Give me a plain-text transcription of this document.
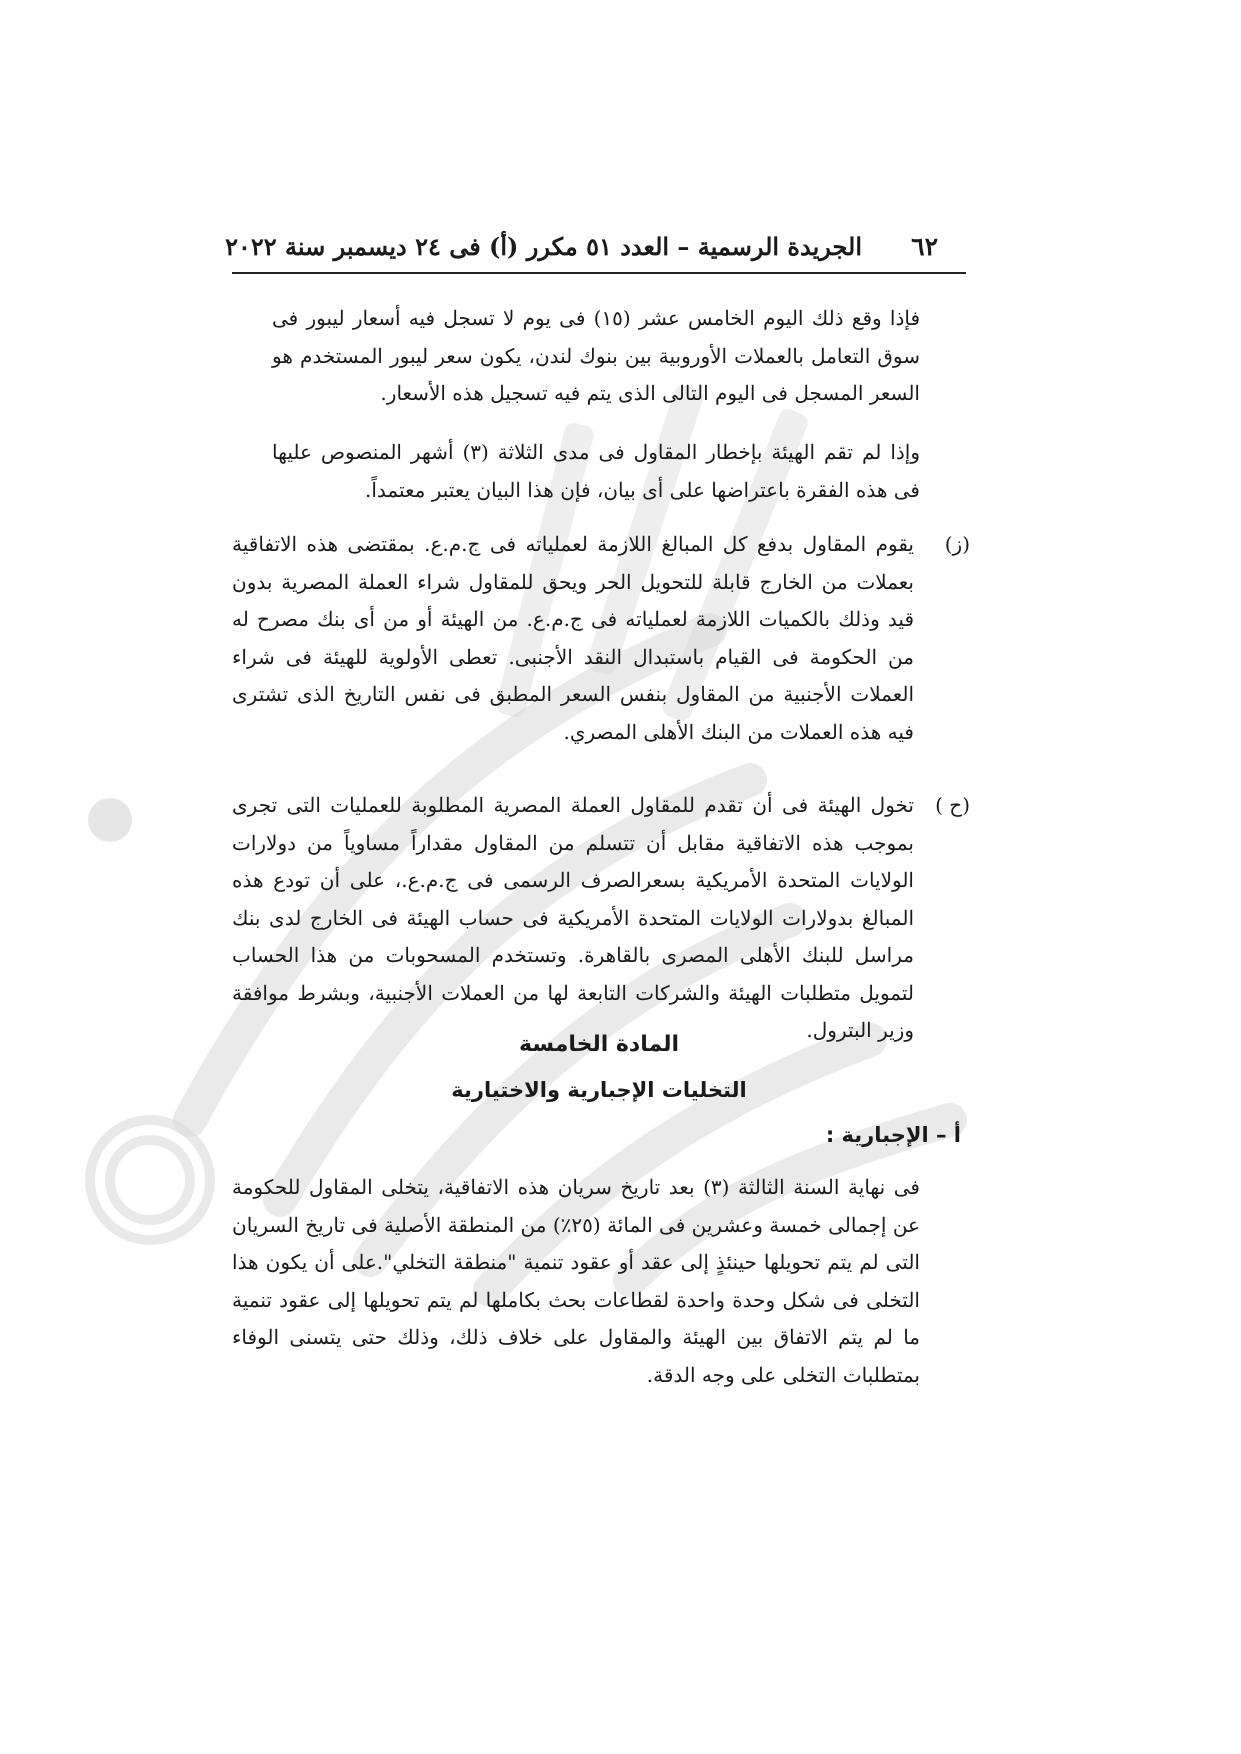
٦٢
الجريدة الرسمية – العدد ٥١ مكرر (أ) فى ٢٤ ديسمبر سنة ٢٠٢٢

فإذا وقع ذلك اليوم الخامس عشر (١٥) فى يوم لا تسجل فيه أسعار ليبور فى سوق التعامل بالعملات الأوروبية بين بنوك لندن، يكون سعر ليبور المستخدم هو السعر المسجل فى اليوم التالى الذى يتم فيه تسجيل هذه الأسعار.

وإذا لم تقم الهيئة بإخطار المقاول فى مدى الثلاثة (٣) أشهر المنصوص عليها فى هذه الفقرة باعتراضها على أى بيان، فإن هذا البيان يعتبر معتمداً.

(ز)

يقوم المقاول بدفع كل المبالغ اللازمة لعملياته فى ج.م.ع. بمقتضى هذه الاتفاقية بعملات من الخارج قابلة للتحويل الحر ويحق للمقاول شراء العملة المصرية بدون قيد وذلك بالكميات اللازمة لعملياته فى ج.م.ع. من الهيئة أو من أى بنك مصرح له من الحكومة فى القيام باستبدال النقد الأجنبى. تعطى الأولوية للهيئة فى شراء العملات الأجنبية من المقاول بنفس السعر المطبق فى نفس التاريخ الذى تشترى فيه هذه العملات من البنك الأهلى المصري.

(ح )

تخول الهيئة فى أن تقدم للمقاول العملة المصرية المطلوبة للعمليات التى تجرى بموجب هذه الاتفاقية مقابل أن تتسلم من المقاول مقداراً مساوياً من دولارات الولايات المتحدة الأمريكية بسعرالصرف الرسمى فى ج.م.ع.، على أن تودع هذه المبالغ بدولارات الولايات المتحدة الأمريكية فى حساب الهيئة فى الخارج لدى بنك مراسل للبنك الأهلى المصرى بالقاهرة. وتستخدم المسحوبات من هذا الحساب لتمويل متطلبات الهيئة والشركات التابعة لها من العملات الأجنبية، وبشرط موافقة وزير البترول.

المادة الخامسة
التخليات الإجبارية والاختيارية
أ – الإجبارية :

فى نهاية السنة الثالثة (٣) بعد تاريخ سريان هذه الاتفاقية، يتخلى المقاول للحكومة عن إجمالى خمسة وعشرين فى المائة (٢٥٪) من المنطقة الأصلية فى تاريخ السريان التى لم يتم تحويلها حينئذٍ إلى عقد أو عقود تنمية "منطقة التخلي".على أن يكون هذا التخلى فى شكل وحدة واحدة لقطاعات بحث بكاملها لم يتم تحويلها إلى عقود تنمية ما لم يتم الاتفاق بين الهيئة والمقاول على خلاف ذلك، وذلك حتى يتسنى الوفاء بمتطلبات التخلى على وجه الدقة.
